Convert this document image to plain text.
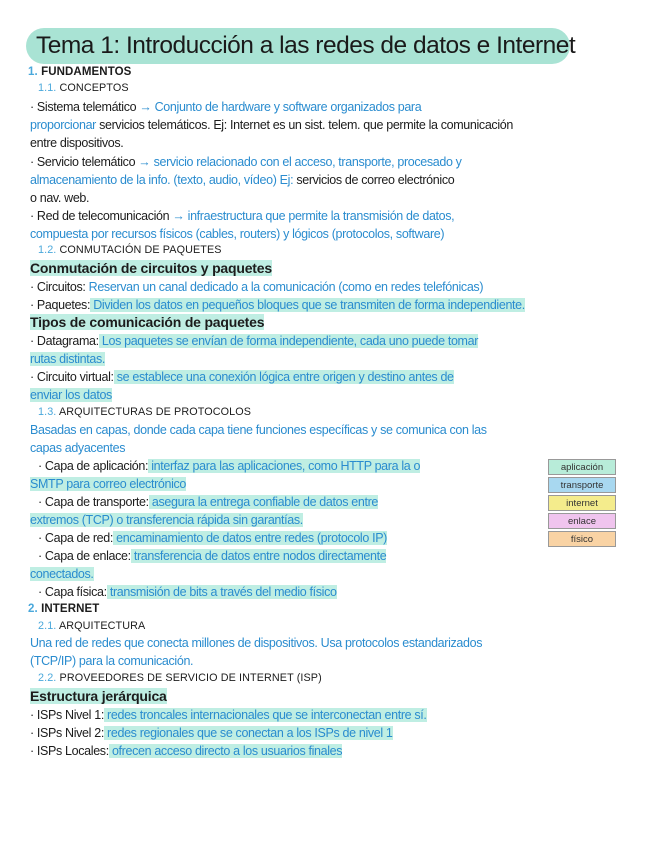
Tema 1: Introducción a las redes de datos e Internet
1. FUNDAMENTOS
1.1. CONCEPTOS
· Sistema telemático → Conjunto de hardware y software organizados para
proporcionar servicios telemáticos. Ej: Internet es un sist. telem. que permite la comunicación
entre dispositivos.
· Servicio telemático → servicio relacionado con el acceso, transporte, procesado y
almacenamiento de la info. (texto, audio, vídeo) Ej: servicios de correo electrónico
o nav. web.
· Red de telecomunicación → infraestructura que permite la transmisión de datos,
compuesta por recursos físicos (cables, routers) y lógicos (protocolos, software)
1.2. CONMUTACIÓN DE PAQUETES
Conmutación de circuitos y paquetes
· Circuitos: Reservan un canal dedicado a la comunicación (como en redes telefónicas)
· Paquetes: Dividen los datos en pequeños bloques que se transmiten de forma independiente.
Tipos de comunicación de paquetes
· Datagrama: Los paquetes se envían de forma independiente, cada uno puede tomar
rutas distintas.
· Circuito virtual: se establece una conexión lógica entre origen y destino antes de
enviar los datos
1.3. ARQUITECTURAS DE PROTOCOLOS
Basadas en capas, donde cada capa tiene funciones específicas y se comunica con las
capas adyacentes
· Capa de aplicación: interfaz para las aplicaciones, como HTTP para la o
SMTP para correo electrónico
· Capa de transporte: asegura la entrega confiable de datos entre
extremos (TCP) o transferencia rápida sin garantías.
· Capa de red: encaminamiento de datos entre redes (protocolo IP)
· Capa de enlace: transferencia de datos entre nodos directamente
conectados.
· Capa física: transmisión de bits a través del medio físico
aplicación
transporte
internet
enlace
físico
2. INTERNET
2.1. ARQUITECTURA
Una red de redes que conecta millones de dispositivos. Usa protocolos estandarizados
(TCP/IP) para la comunicación.
2.2. PROVEEDORES DE SERVICIO DE INTERNET (ISP)
Estructura jerárquica
· ISPs Nivel 1: redes troncales internacionales que se interconectan entre sí.
· ISPs Nivel 2: redes regionales que se conectan a los ISPs de nivel 1
· ISPs Locales: ofrecen acceso directo a los usuarios finales
